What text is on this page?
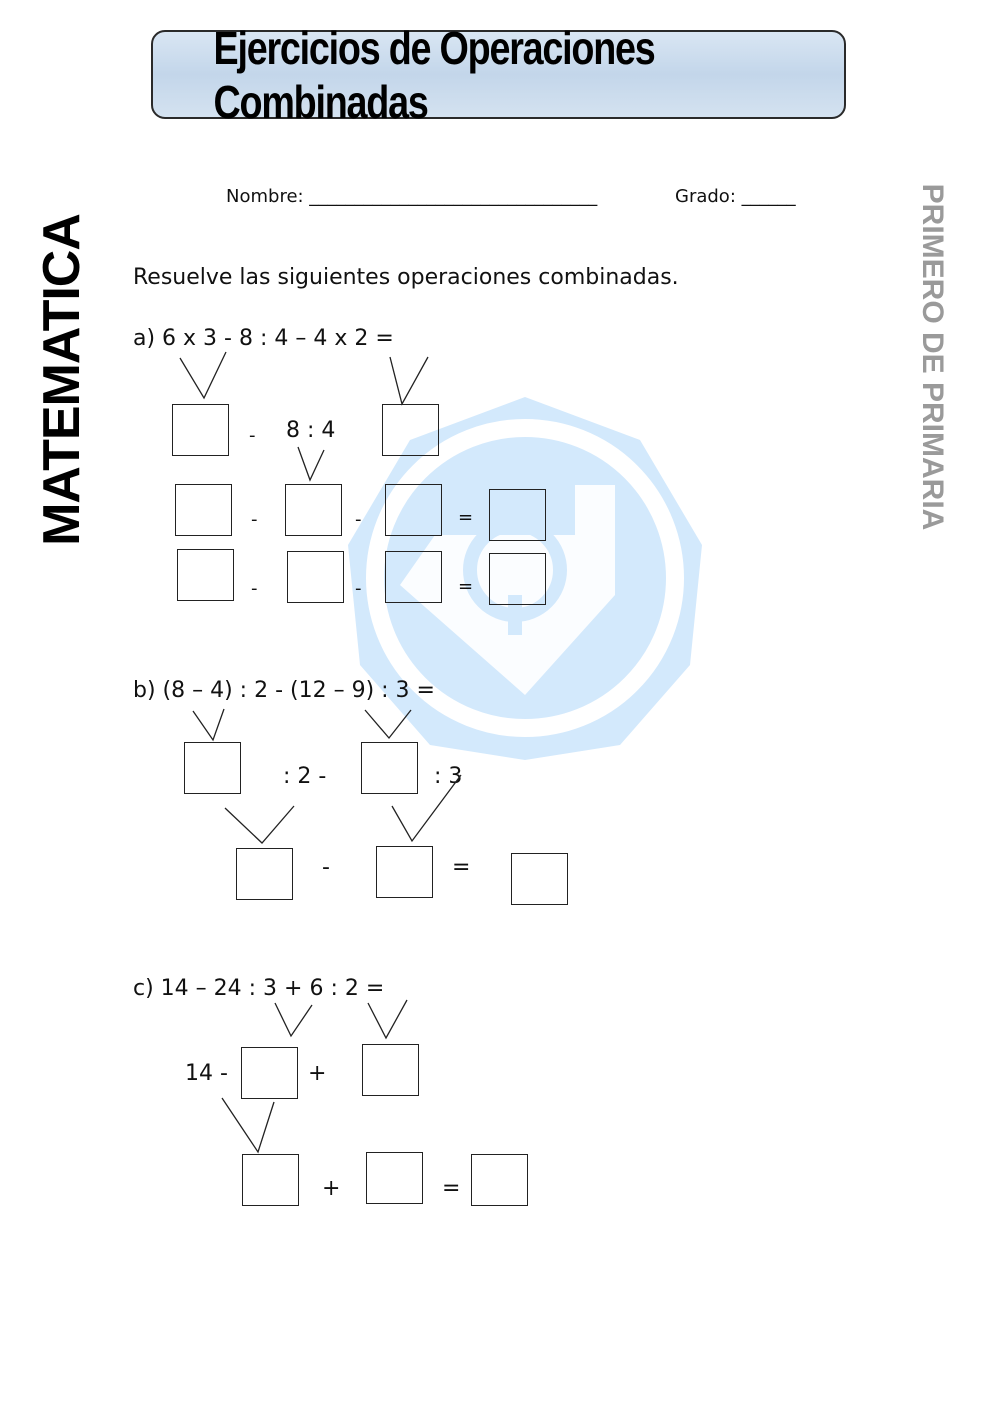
Ejercicios de Operaciones Combinadas
MATEMATICA	PRIMERO DE PRIMARIA
Nombre: ________________________________	Grado: ______
Resuelve las siguientes operaciones combinadas.
a) 6 x 3 - 8 : 4 – 4 x 2 =
- 8 : 4
-	-	=
-	-	=
b) (8 – 4) : 2 - (12 – 9) : 3 =
: 2 -	: 3
-	=
c) 14 – 24 : 3 + 6 : 2 =
14 -	+
+	=
